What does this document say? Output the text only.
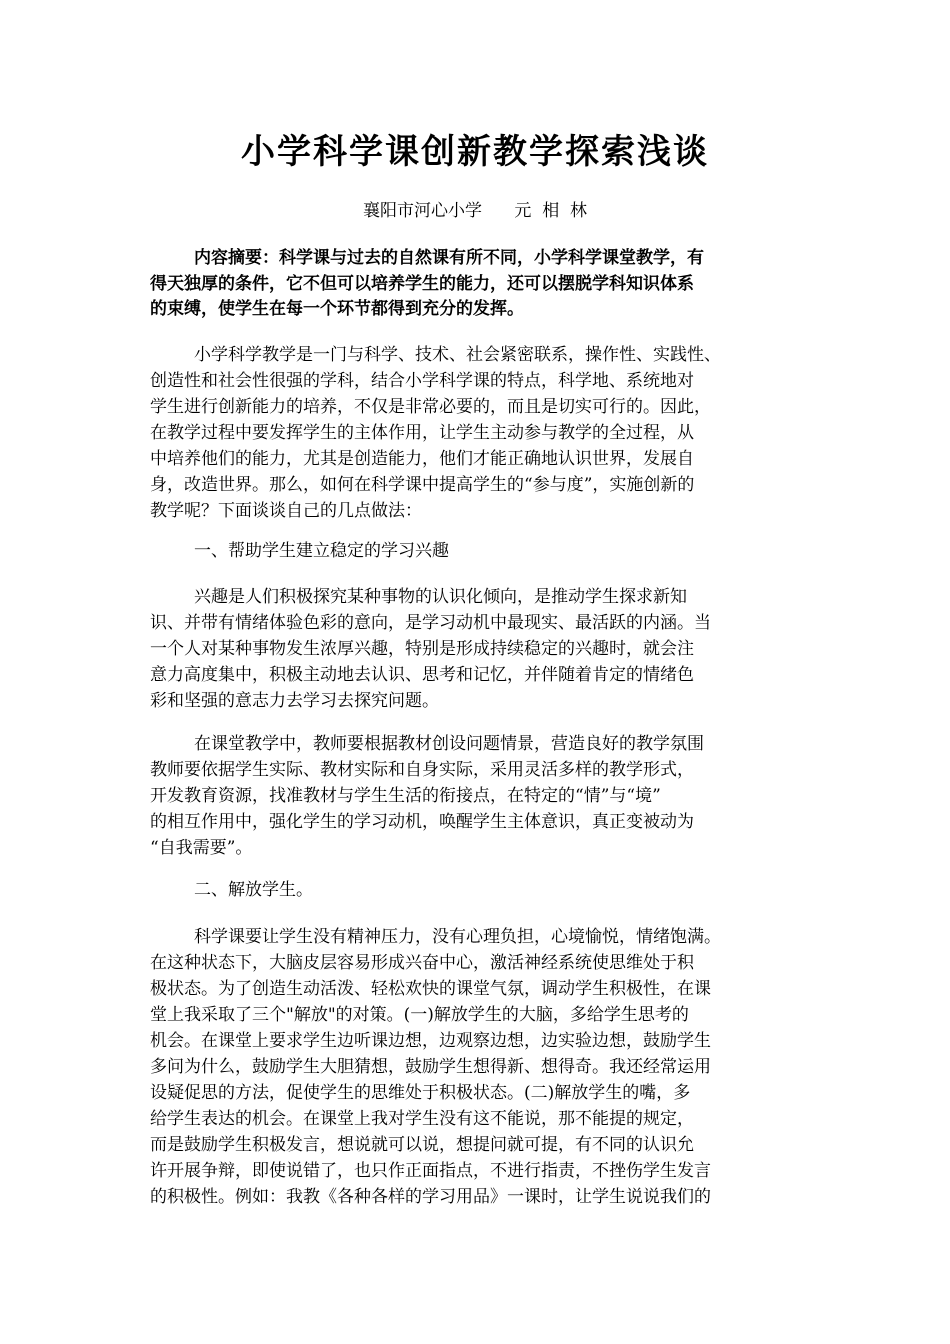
小学科学课创新教学探索浅谈
襄阳市河心小学      元  相  林
内容摘要：科学课与过去的自然课有所不同，小学科学课堂教学，有
得天独厚的条件，它不但可以培养学生的能力，还可以摆脱学科知识体系
的束缚，使学生在每一个环节都得到充分的发挥。
小学科学教学是一门与科学、技术、社会紧密联系，操作性、实践性、
创造性和社会性很强的学科，结合小学科学课的特点，科学地、系统地对
学生进行创新能力的培养，不仅是非常必要的，而且是切实可行的。因此，
在教学过程中要发挥学生的主体作用，让学生主动参与教学的全过程，从
中培养他们的能力，尤其是创造能力，他们才能正确地认识世界，发展自
身，改造世界。那么，如何在科学课中提高学生的“参与度”，实施创新的
教学呢？下面谈谈自己的几点做法：
一、帮助学生建立稳定的学习兴趣
兴趣是人们积极探究某种事物的认识化倾向，是推动学生探求新知
识、并带有情绪体验色彩的意向，是学习动机中最现实、最活跃的内涵。当
一个人对某种事物发生浓厚兴趣，特别是形成持续稳定的兴趣时，就会注
意力高度集中，积极主动地去认识、思考和记忆，并伴随着肯定的情绪色
彩和坚强的意志力去学习去探究问题。
在课堂教学中，教师要根据教材创设问题情景，营造良好的教学氛围
教师要依据学生实际、教材实际和自身实际，采用灵活多样的教学形式，
开发教育资源，找准教材与学生生活的衔接点，在特定的“情”与“境”
的相互作用中，强化学生的学习动机，唤醒学生主体意识，真正变被动为
“自我需要”。
二、解放学生。
科学课要让学生没有精神压力，没有心理负担，心境愉悦，情绪饱满。
在这种状态下，大脑皮层容易形成兴奋中心，激活神经系统使思维处于积
极状态。为了创造生动活泼、轻松欢快的课堂气氛，调动学生积极性，在课
堂上我采取了三个"解放"的对策。(一)解放学生的大脑，多给学生思考的
机会。在课堂上要求学生边听课边想，边观察边想，边实验边想，鼓励学生
多问为什么，鼓励学生大胆猜想，鼓励学生想得新、想得奇。我还经常运用
设疑促思的方法，促使学生的思维处于积极状态。(二)解放学生的嘴，多
给学生表达的机会。在课堂上我对学生没有这不能说，那不能提的规定，
而是鼓励学生积极发言，想说就可以说，想提问就可提，有不同的认识允
许开展争辩，即使说错了，也只作正面指点，不进行指责，不挫伤学生发言
的积极性。例如：我教《各种各样的学习用品》一课时，让学生说说我们的
